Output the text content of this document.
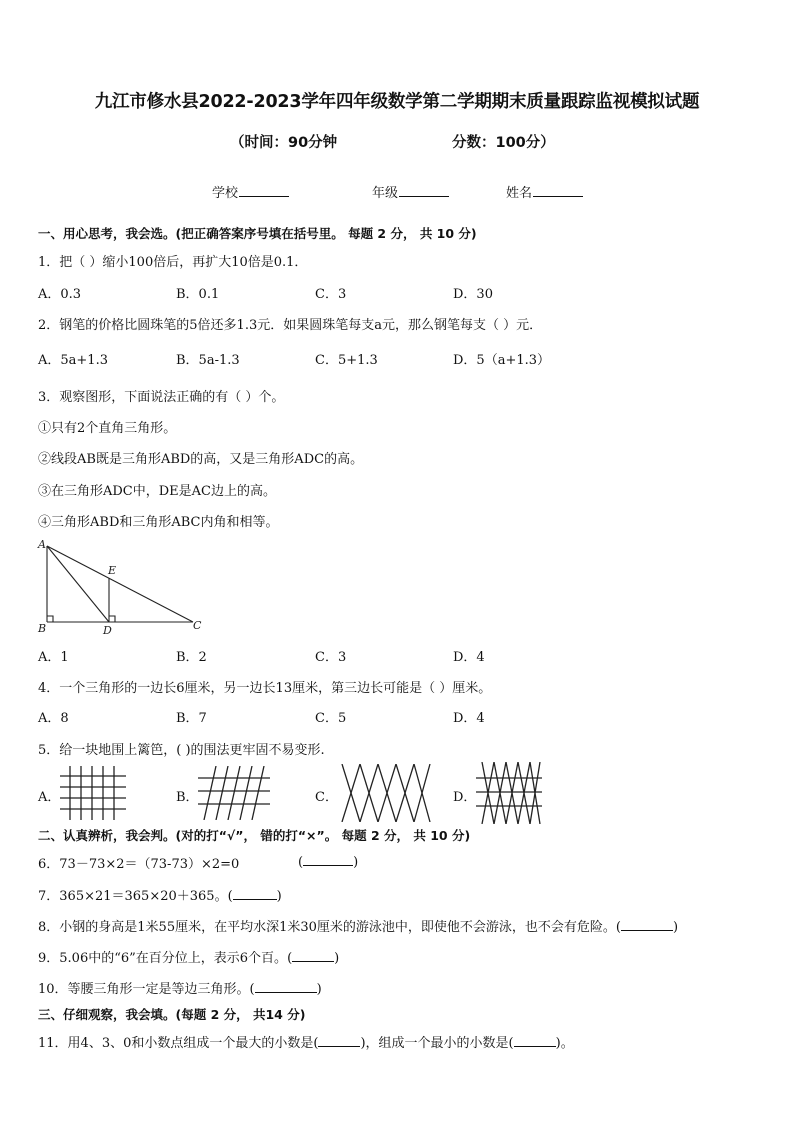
九江市修水县2022-2023学年四年级数学第二学期期末质量跟踪监视模拟试题
（时间：90分钟	分数：100分）
学校	年级	姓名
一、用心思考，我会选。(把正确答案序号填在括号里。 每题 2 分， 共 10 分)
1．把（ ）缩小100倍后，再扩大10倍是0.1．
A．0.3	B．0.1	C．3	D．30
2．钢笔的价格比圆珠笔的5倍还多1.3元．如果圆珠笔每支a元，那么钢笔每支（ ）元．
A．5a+1.3	B．5a-1.3	C．5+1.3	D．5（a+1.3）
3．观察图形，下面说法正确的有（ ）个。
①只有2个直角三角形。
②线段AB既是三角形ABD的高，又是三角形ADC的高。
③在三角形ADC中，DE是AC边上的高。
④三角形ABD和三角形ABC内角和相等。
A
B	C
D
E
A．1	B．2	C．3	D．4
4．一个三角形的一边长6厘米，另一边长13厘米，第三边长可能是（ ）厘米。
A．8	B．7	C．5	D．4
5．给一块地围上篱笆，( )的围法更牢固不易变形.
A．	B．	C．	D．
二、认真辨析，我会判。(对的打“√”， 错的打“×”。 每题 2 分， 共 10 分)
6．73－73×2＝（73-73）×2=0	(	)
7．365×21＝365×20＋365。(	)
8．小钢的身高是1米55厘米，在平均水深1米30厘米的游泳池中，即使他不会游泳，也不会有危险。(	)
9．5.06中的“6”在百分位上，表示6个百。(	)
10．等腰三角形一定是等边三角形。(	)
三、仔细观察，我会填。(每题 2 分， 共14 分)
11．用4、3、0和小数点组成一个最大的小数是(	)，组成一个最小的小数是(	)。
